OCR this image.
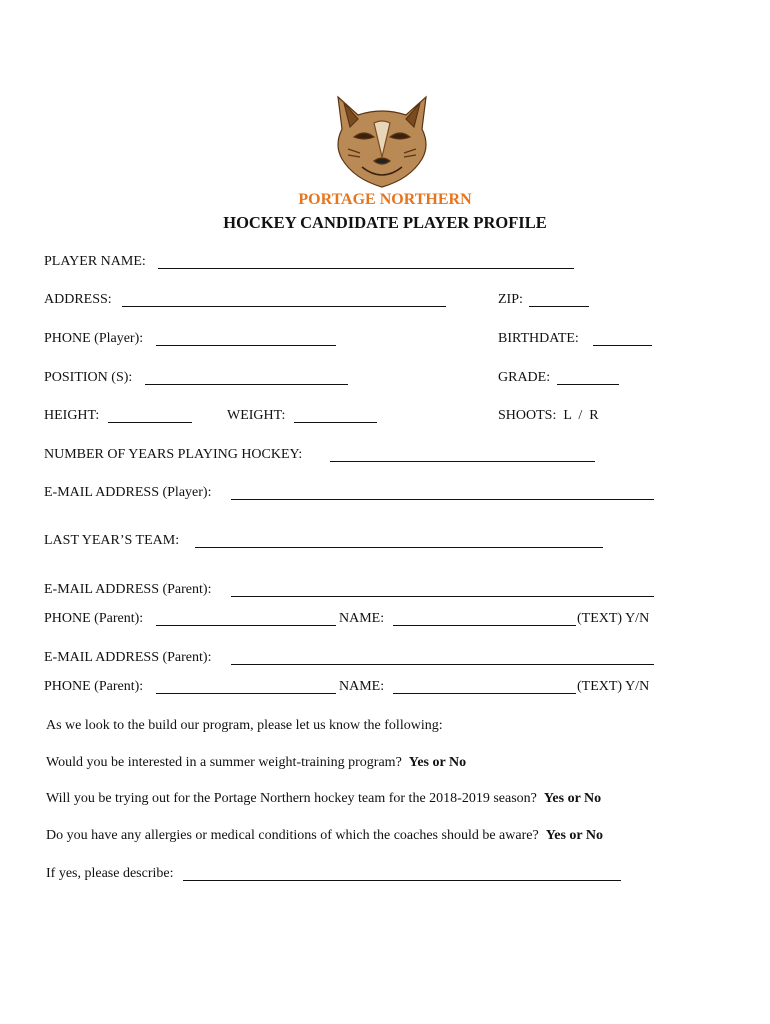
PORTAGE NORTHERN
HOCKEY CANDIDATE PLAYER PROFILE
PLAYER NAME:
ADDRESS:	ZIP:
PHONE (Player):	BIRTHDATE:
POSITION (S):	GRADE:
HEIGHT:	WEIGHT:	SHOOTS:  L  /  R
NUMBER OF YEARS PLAYING HOCKEY:
E-MAIL ADDRESS (Player):
LAST YEAR’S TEAM:
E-MAIL ADDRESS (Parent):
PHONE (Parent):	NAME:	(TEXT) Y/N
E-MAIL ADDRESS (Parent):
PHONE (Parent):	NAME:	(TEXT) Y/N
As we look to the build our program, please let us know the following:
Would you be interested in a summer weight-training program? Yes or No
Will you be trying out for the Portage Northern hockey team for the 2018-2019 season? Yes or No
Do you have any allergies or medical conditions of which the coaches should be aware? Yes or No
If yes, please describe:
